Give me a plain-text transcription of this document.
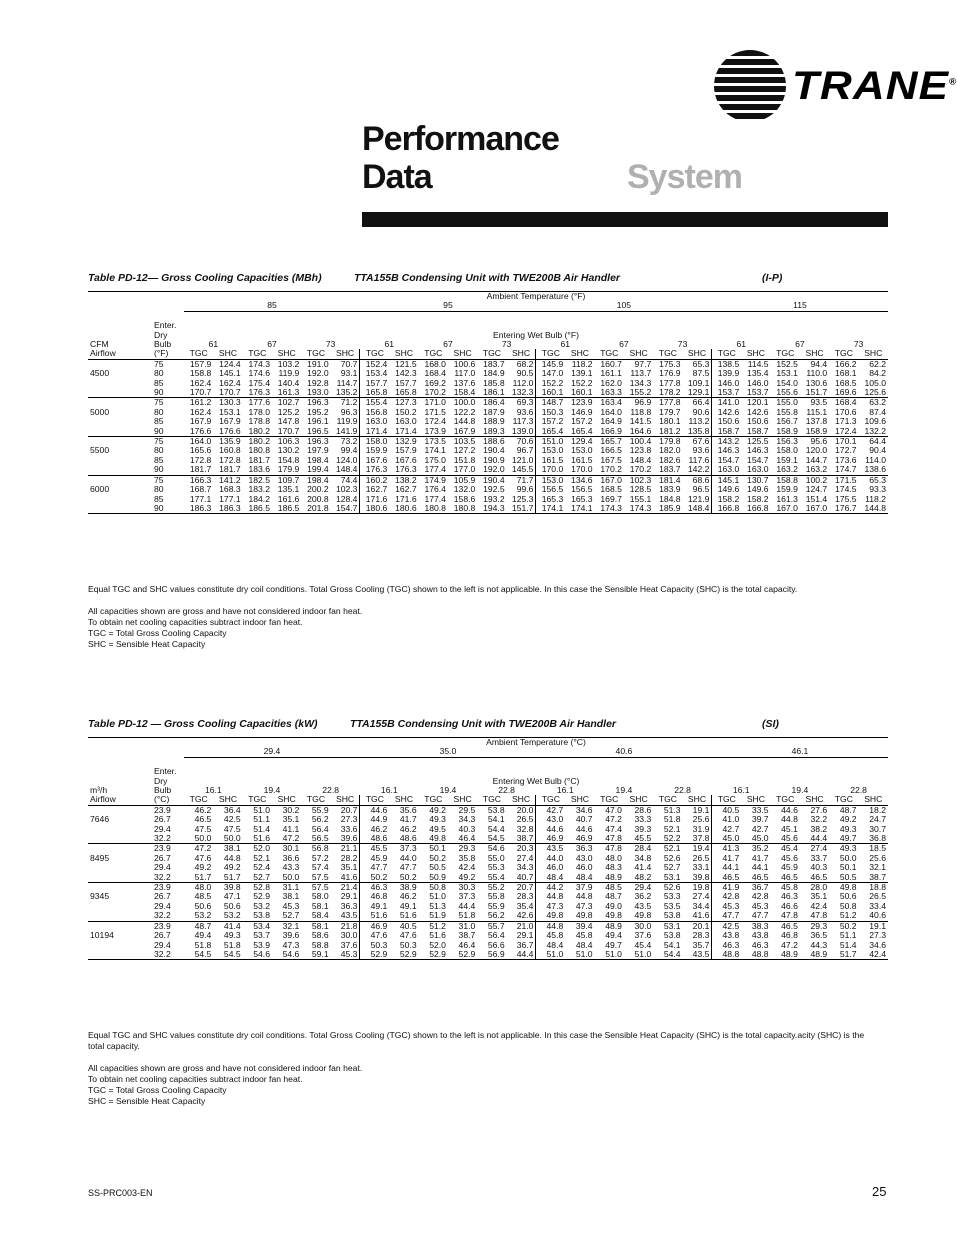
TRANE®
Performance
Data	System
Table PD-12— Gross Cooling Capacities (MBh)	TTA155B Condensing Unit with TWE200B Air Handler	(I-P)
		Ambient Temperature (°F)																							
		85						95						105						115					

	Enter.																								
	Dry	Entering Wet Bulb (°F)																							
CFM	Bulb	61		67		73		61		67		73		61		67		73		61		67		73	
Airflow	(°F)	TGC	SHC	TGC	SHC	TGC	SHC	TGC	SHC	TGC	SHC	TGC	SHC	TGC	SHC	TGC	SHC	TGC	SHC	TGC	SHC	TGC	SHC	TGC	SHC
	75	157.9	124.4	174.3	103.2	191.0	70.7	152.4	121.5	168.0	100.6	183.7	68.2	145.9	118.2	160.7	97.7	175.3	65.3	138.5	114.5	152.5	94.4	166.2	62.2
4500	80	158.8	145.1	174.6	119.9	192.0	93.1	153.4	142.3	168.4	117.0	184.9	90.5	147.0	139.1	161.1	113.7	176.9	87.5	139.9	135.4	153.1	110.0	168.1	84.2
	85	162.4	162.4	175.4	140.4	192.8	114.7	157.7	157.7	169.2	137.6	185.8	112.0	152.2	152.2	162.0	134.3	177.8	109.1	146.0	146.0	154.0	130.6	168.5	105.0
	90	170.7	170.7	176.3	161.3	193.0	135.2	165.8	165.8	170.2	158.4	186.1	132.3	160.1	160.1	163.3	155.2	178.2	129.1	153.7	153.7	155.6	151.7	169.6	125.6
	75	161.2	130.3	177.6	102.7	196.3	71.2	155.4	127.3	171.0	100.0	186.4	69.3	148.7	123.9	163.4	96.9	177.8	66.4	141.0	120.1	155.0	93.5	168.4	63.2
5000	80	162.4	153.1	178.0	125.2	195.2	96.3	156.8	150.2	171.5	122.2	187.9	93.6	150.3	146.9	164.0	118.8	179.7	90.6	142.6	142.6	155.8	115.1	170.6	87.4
	85	167.9	167.9	178.8	147.8	196.1	119.9	163.0	163.0	172.4	144.8	188.9	117.3	157.2	157.2	164.9	141.5	180.1	113.2	150.6	150.6	156.7	137.8	171.3	109.6
	90	176.6	176.6	180.2	170.7	196.5	141.9	171.4	171.4	173.9	167.9	189.3	139.0	165.4	165.4	166.9	164.6	181.2	135.8	158.7	158.7	158.9	158.9	172.4	132.2
	75	164.0	135.9	180.2	106.3	196.3	73.2	158.0	132.9	173.5	103.5	188.6	70.6	151.0	129.4	165.7	100.4	179.8	67.6	143.2	125.5	156.3	95.6	170.1	64.4
5500	80	165.6	160.8	180.8	130.2	197.9	99.4	159.9	157.9	174.1	127.2	190.4	96.7	153.0	153.0	166.5	123.8	182.0	93.6	146.3	146.3	158.0	120.0	172.7	90.4
	85	172.8	172.8	181.7	154.8	198.4	124.0	167.6	167.6	175.0	151.8	190.9	121.0	161.5	161.5	167.5	148.4	182.6	117.6	154.7	154.7	159.1	144.7	173.6	114.0
	90	181.7	181.7	183.6	179.9	199.4	148.4	176.3	176.3	177.4	177.0	192.0	145.5	170.0	170.0	170.2	170.2	183.7	142.2	163.0	163.0	163.2	163.2	174.7	138.6
	75	166.3	141.2	182.5	109.7	198.4	74.4	160.2	138.2	174.9	105.9	190.4	71.7	153.0	134.6	167.0	102.3	181.4	68.6	145.1	130.7	158.8	100.2	171.5	65.3
6000	80	168.7	168.3	183.2	135.1	200.2	102.3	162.7	162.7	176.4	132.0	192.5	99.6	156.5	156.5	168.5	128.5	183.9	96.5	149.6	149.6	159.9	124.7	174.5	93.3
	85	177.1	177.1	184.2	161.6	200.8	128.4	171.6	171.6	177.4	158.6	193.2	125.3	165.3	165.3	169.7	155.1	184.8	121.9	158.2	158.2	161.3	151.4	175.5	118.2
	90	186.3	186.3	186.5	186.5	201.8	154.7	180.6	180.6	180.8	180.8	194.3	151.7	174.1	174.1	174.3	174.3	185.9	148.4	166.8	166.8	167.0	167.0	176.7	144.8

Equal TGC and SHC values constitute dry coil conditions. Total Gross Cooling (TGC) shown to the left is not applicable. In this case the Sensible Heat Capacity (SHC) is the total capacity.

All capacities shown are gross and have not considered indoor fan heat.
To obtain net cooling capacities subtract indoor fan heat.
TGC = Total Gross Cooling Capacity
SHC = Sensible Heat Capacity

Table PD-12 — Gross Cooling Capacities (kW)	TTA155B Condensing Unit with TWE200B Air Handler	(SI)
		Ambient Temperature (°C)																							
		29.4						35.0						40.6						46.1					

	Enter.																								
	Dry	Entering Wet Bulb (°C)																							
m³/h	Bulb	16.1		19.4		22.8		16.1		19.4		22.8		16.1		19.4		22.8		16.1		19.4		22.8	
Airflow	(°C)	TGC	SHC	TGC	SHC	TGC	SHC	TGC	SHC	TGC	SHC	TGC	SHC	TGC	SHC	TGC	SHC	TGC	SHC	TGC	SHC	TGC	SHC	TGC	SHC
	23.9	46.2	36.4	51.0	30.2	55.9	20.7	44.6	35.6	49.2	29.5	53.8	20.0	42.7	34.6	47.0	28.6	51.3	19.1	40.5	33.5	44.6	27.6	48.7	18.2
7646	26.7	46.5	42.5	51.1	35.1	56.2	27.3	44.9	41.7	49.3	34.3	54.1	26.5	43.0	40.7	47.2	33.3	51.8	25.6	41.0	39.7	44.8	32.2	49.2	24.7
	29.4	47.5	47.5	51.4	41.1	56.4	33.6	46.2	46.2	49.5	40.3	54.4	32.8	44.6	44.6	47.4	39.3	52.1	31.9	42.7	42.7	45.1	38.2	49.3	30.7
	32.2	50.0	50.0	51.6	47.2	56.5	39.6	48.6	48.6	49.8	46.4	54.5	38.7	46.9	46.9	47.8	45.5	52.2	37.8	45.0	45.0	45.6	44.4	49.7	36.8
	23.9	47.2	38.1	52.0	30.1	56.8	21.1	45.5	37.3	50.1	29.3	54.6	20.3	43.5	36.3	47.8	28.4	52.1	19.4	41.3	35.2	45.4	27.4	49.3	18.5
8495	26.7	47.6	44.8	52.1	36.6	57.2	28.2	45.9	44.0	50.2	35.8	55.0	27.4	44.0	43.0	48.0	34.8	52.6	26.5	41.7	41.7	45.6	33.7	50.0	25.6
	29.4	49.2	49.2	52.4	43.3	57.4	35.1	47.7	47.7	50.5	42.4	55.3	34.3	46.0	46.0	48.3	41.4	52.7	33.1	44.1	44.1	45.9	40.3	50.1	32.1
	32.2	51.7	51.7	52.7	50.0	57.5	41.6	50.2	50.2	50.9	49.2	55.4	40.7	48.4	48.4	48.9	48.2	53.1	39.8	46.5	46.5	46.5	46.5	50.5	38.7
	23.9	48.0	39.8	52.8	31.1	57.5	21.4	46.3	38.9	50.8	30.3	55.2	20.7	44.2	37.9	48.5	29.4	52.6	19.8	41.9	36.7	45.8	28.0	49.8	18.8
9345	26.7	48.5	47.1	52.9	38.1	58.0	29.1	46.8	46.2	51.0	37.3	55.8	28.3	44.8	44.8	48.7	36.2	53.3	27.4	42.8	42.8	46.3	35.1	50.6	26.5
	29.4	50.6	50.6	53.2	45.3	58.1	36.3	49.1	49.1	51.3	44.4	55.9	35.4	47.3	47.3	49.0	43.5	53.5	34.4	45.3	45.3	46.6	42.4	50.8	33.4
	32.2	53.2	53.2	53.8	52.7	58.4	43.5	51.6	51.6	51.9	51.8	56.2	42.6	49.8	49.8	49.8	49.8	53.8	41.6	47.7	47.7	47.8	47.8	51.2	40.6
	23.9	48.7	41.4	53.4	32.1	58.1	21.8	46.9	40.5	51.2	31.0	55.7	21.0	44.8	39.4	48.9	30.0	53.1	20.1	42.5	38.3	46.5	29.3	50.2	19.1
10194	26.7	49.4	49.3	53.7	39.6	58.6	30.0	47.6	47.6	51.6	38.7	56.4	29.1	45.8	45.8	49.4	37.6	53.8	28.3	43.8	43.8	46.8	36.5	51.1	27.3
	29.4	51.8	51.8	53.9	47.3	58.8	37.6	50.3	50.3	52.0	46.4	56.6	36.7	48.4	48.4	49.7	45.4	54.1	35.7	46.3	46.3	47.2	44.3	51.4	34.6
	32.2	54.5	54.5	54.6	54.6	59.1	45.3	52.9	52.9	52.9	52.9	56.9	44.4	51.0	51.0	51.0	51.0	54.4	43.5	48.8	48.8	48.9	48.9	51.7	42.4

Equal TGC and SHC values constitute dry coil conditions. Total Gross Cooling (TGC) shown to the left is not applicable. In this case the Sensible Heat Capacity (SHC) is the total capacity.acity (SHC) is the total capacity.

All capacities shown are gross and have not considered indoor fan heat.
To obtain net cooling capacities subtract indoor fan heat.
TGC = Total Gross Cooling Capacity
SHC = Sensible Heat Capacity

SS-PRC003-EN	25
